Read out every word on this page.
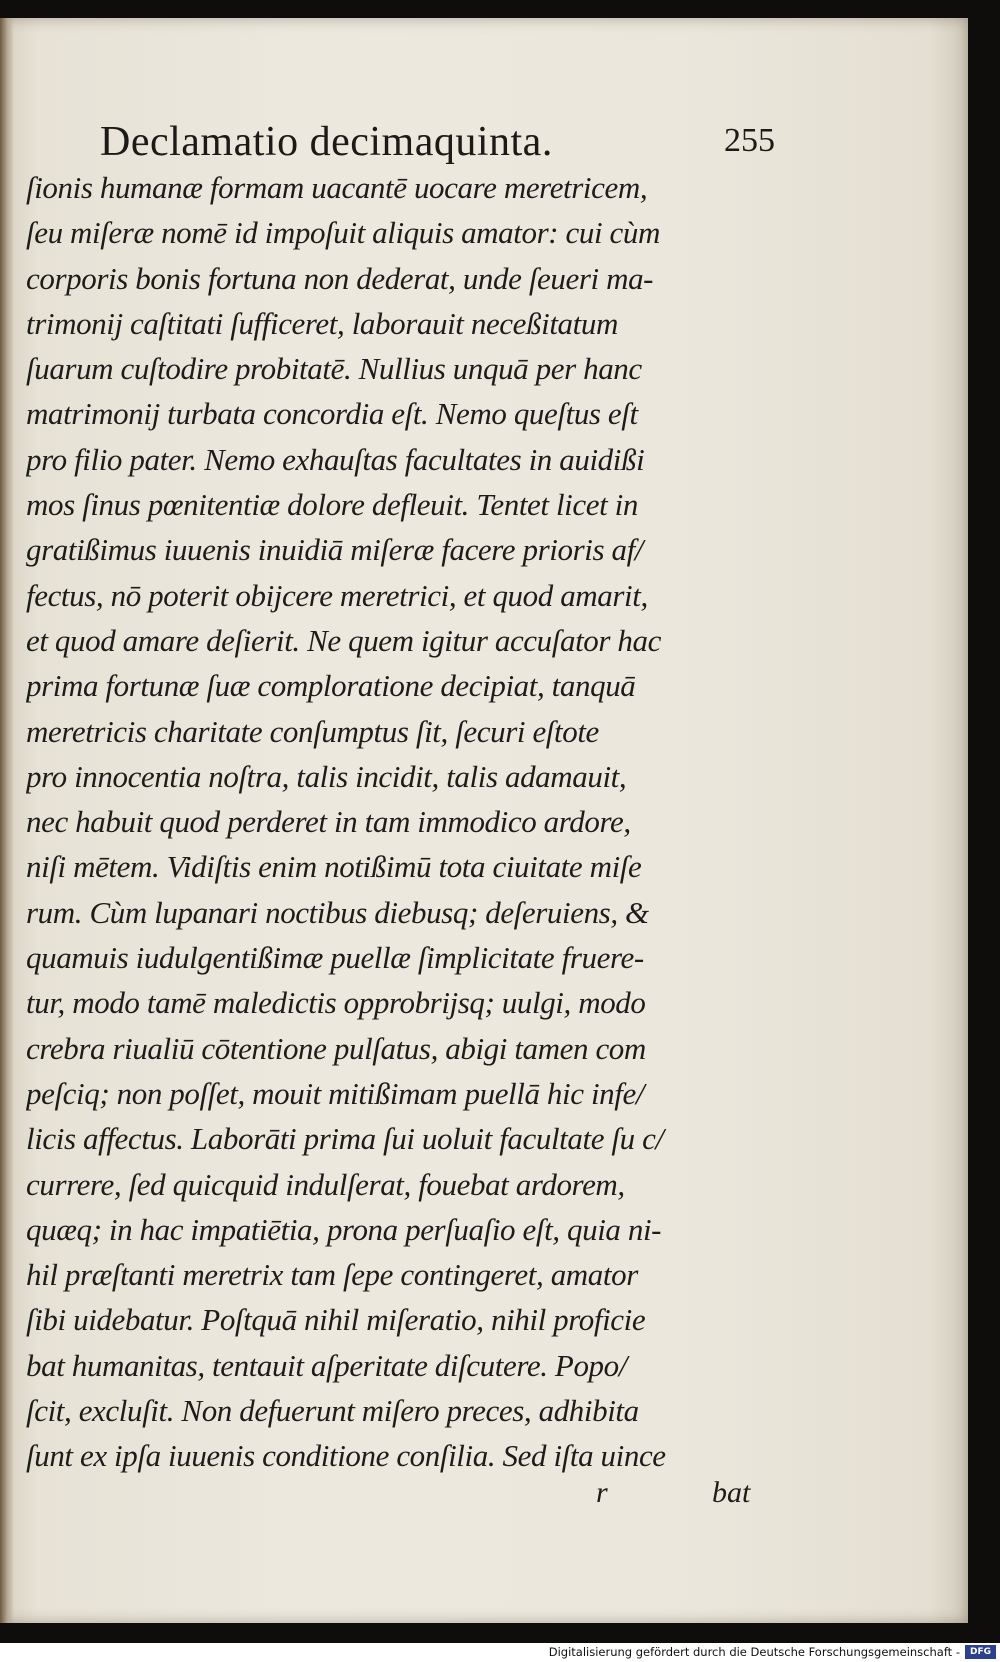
Declamatio decimaquinta.	255
ſionis humanæ formam uacantē uocare meretricem,
ſeu miſeræ nomē id impoſuit aliquis amator: cui cùm
corporis bonis fortuna non dederat, unde ſeueri ma-
trimonij caſtitati ſufficeret, laborauit neceßitatum
ſuarum cuſtodire probitatē. Nullius unquā per hanc
matrimonij turbata concordia eſt. Nemo queſtus eſt
pro filio pater. Nemo exhauſtas facultates in auidißi
mos ſinus pœnitentiæ dolore defleuit. Tentet licet in
gratißimus iuuenis inuidiā miſeræ facere prioris af/
fectus, nō poterit obijcere meretrici, et quod amarit,
et quod amare deſierit. Ne quem igitur accuſator hac
prima fortunæ ſuæ comploratione decipiat, tanquā
meretricis charitate conſumptus ſit, ſecuri eſtote
pro innocentia noſtra, talis incidit, talis adamauit,
nec habuit quod perderet in tam immodico ardore,
niſi mētem. Vidiſtis enim notißimū tota ciuitate miſe
rum. Cùm lupanari noctibus diebusq; deſeruiens, &
quamuis iudulgentißimæ puellæ ſimplicitate fruere-
tur, modo tamē maledictis opprobrijsq; uulgi, modo
crebra riualiū cōtentione pulſatus, abigi tamen com
peſciq; non poſſet, mouit mitißimam puellā hic infe/
licis affectus. Laborāti prima ſui uoluit facultate ſu c/
currere, ſed quicquid indulſerat, fouebat ardorem,
quæq; in hac impatiētia, prona perſuaſio eſt, quia ni-
hil præſtanti meretrix tam ſepe contingeret, amator
ſibi uidebatur. Poſtquā nihil miſeratio, nihil proficie
bat humanitas, tentauit aſperitate diſcutere. Popo/
ſcit, excluſit. Non defuerunt miſero preces, adhibita
ſunt ex ipſa iuuenis conditione conſilia. Sed iſta uince
r	bat
Digitalisierung gefördert durch die Deutsche Forschungsgemeinschaft -	DFG
